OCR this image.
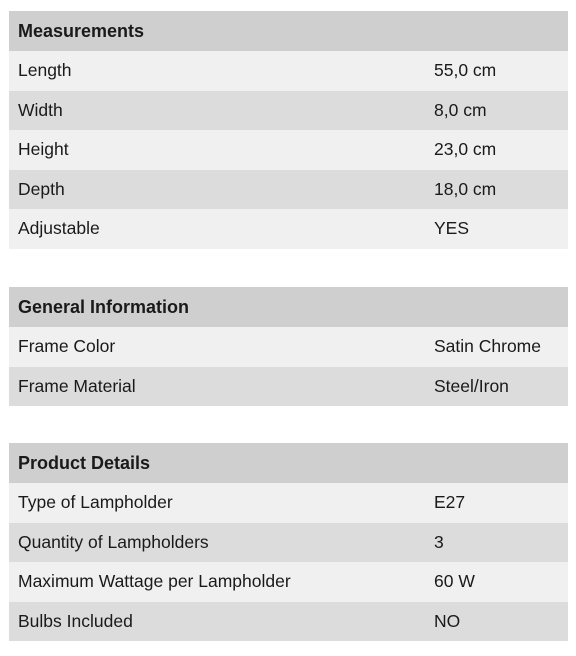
Measurements
Length	55,0 cm
Width	8,0 cm
Height	23,0 cm
Depth	18,0 cm
Adjustable	YES
General Information
Frame Color	Satin Chrome
Frame Material	Steel/Iron
Product Details
Type of Lampholder	E27
Quantity of Lampholders	3
Maximum Wattage per Lampholder	60 W
Bulbs Included	NO
